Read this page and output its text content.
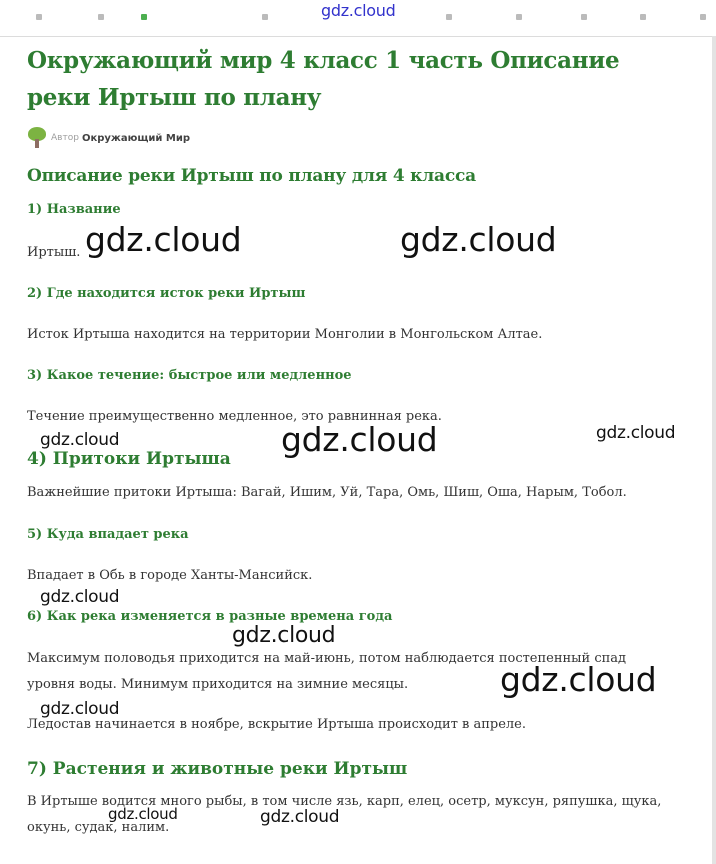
Окружающий мир 4 класс 1 часть Описание реки Иртыш по плану
Автор Окружающий Мир
Описание реки Иртыш по плану для 4 класса
1) Название

Иртыш.

2) Где находится исток реки Иртыш

Исток Иртыша находится на территории Монголии в Монгольском Алтае.

3) Какое течение: быстрое или медленное

Течение преимущественно медленное, это равнинная река.

4) Притоки Иртыша

Важнейшие притоки Иртыша: Вагай, Ишим, Уй, Тара, Омь, Шиш, Оша, Нарым, Тобол.

5) Куда впадает река

Впадает в Обь в городе Ханты-Мансийск.

6) Как река изменяется в разные времена года

Максимум половодья приходится на май-июнь, потом наблюдается постепенный спад уровня воды. Минимум приходится на зимние месяцы.

Ледостав начинается в ноябре, вскрытие Иртыша происходит в апреле.

7) Растения и животные реки Иртыш

В Иртыше водится много рыбы, в том числе язь, карп, елец, осетр, муксун, ряпушка, щука, окунь, судак, налим.

gdz.cloud
gdz.cloud	gdz.cloud
gdz.cloud	gdz.cloud	gdz.cloud
gdz.cloud
gdz.cloud
gdz.cloud
gdz.cloud
gdz.cloud	gdz.cloud
